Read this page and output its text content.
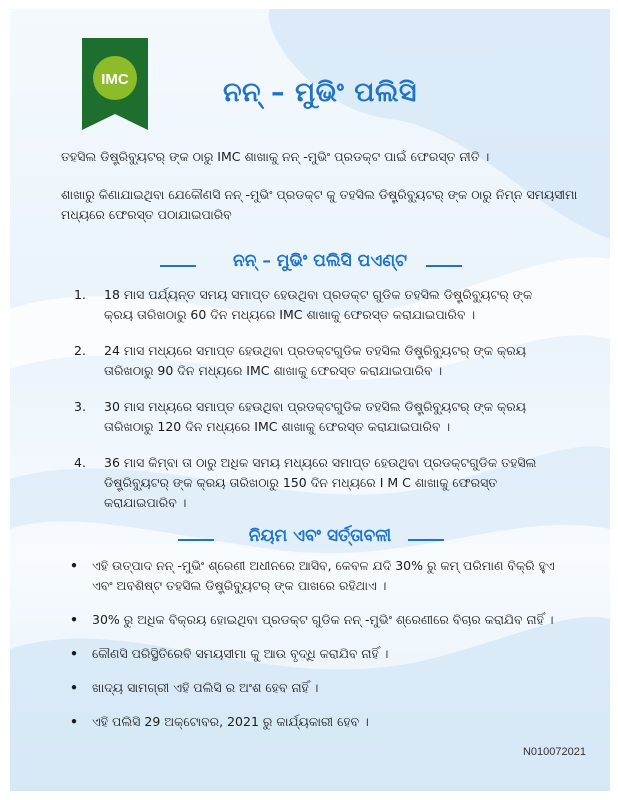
IMC	ନନ୍ – ମୁଭିଂ ପଲିସି
ତହସିଲ ଡିଷ୍ଟ୍ରିବ୍ୟୁଟର୍ ଙ୍କ ଠାରୁ IMC ଶାଖାକୁ ନନ୍ -ମୁଭିଂ ପ୍ରଡକ୍ଟ ପାଇଁ ଫେରସ୍ତ ନୀତି ।
ଶାଖାରୁ କିଣାଯାଇଥିବା ଯେକୌଣସି ନନ୍ -ମୁଭିଂ ପ୍ରଡକ୍ଟ କୁ ତହସିଲ ଡିଷ୍ଟ୍ରିବ୍ୟୁଟର୍ ଙ୍କ ଠାରୁ ନିମ୍ନ ସମୟସୀମା ମଧ୍ୟରେ ଫେରସ୍ତ ପଠାଯାଇପାରିବ
ନନ୍ – ମୁଭିଂ ପଲିସି ପଏଣ୍ଟ
1.	18 ମାସ ପର୍ଯ୍ୟନ୍ତ ସମୟ ସମାପ୍ତ ହେଉଥିବା ପ୍ରଡକ୍ଟ ଗୁଡିକ ତହସିଲ ଡିଷ୍ଟ୍ରିବ୍ୟୁଟର୍ ଙ୍କ କ୍ରୟ ତାରିଖଠାରୁ 60 ଦିନ ମଧ୍ୟରେ IMC ଶାଖାକୁ ଫେରସ୍ତ କରାଯାଇପାରିବ ।
2.	24 ମାସ ମଧ୍ୟରେ ସମାପ୍ତ ହେଉଥିବା ପ୍ରଡକ୍ଟଗୁଡିକ ତହସିଲ ଡିଷ୍ଟ୍ରିବ୍ୟୁଟର୍ ଙ୍କ କ୍ରୟ ତାରିଖଠାରୁ 90 ଦିନ ମଧ୍ୟରେ IMC ଶାଖାକୁ ଫେରସ୍ତ କରାଯାଇପାରିବ ।
3.	30 ମାସ ମଧ୍ୟରେ ସମାପ୍ତ ହେଉଥିବା ପ୍ରଡକ୍ଟଗୁଡିକ ତହସିଲ ଡିଷ୍ଟ୍ରିବ୍ୟୁଟର୍ ଙ୍କ କ୍ରୟ ତାରିଖଠାରୁ 120 ଦିନ ମଧ୍ୟରେ IMC ଶାଖାକୁ ଫେରସ୍ତ କରାଯାଇପାରିବ ।
4.	36 ମାସ କିମ୍ବା ତା ଠାରୁ ଅଧିକ ସମୟ ମଧ୍ୟରେ ସମାପ୍ତ ହେଉଥିବା ପ୍ରଡକ୍ଟଗୁଡିକ ତହସିଲ ଡିଷ୍ଟ୍ରିବ୍ୟୁଟର୍ ଙ୍କ କ୍ରୟ ତାରିଖଠାରୁ 150 ଦିନ ମଧ୍ୟରେ I M C ଶାଖାକୁ ଫେରସ୍ତ କରାଯାଇପାରିବ ।
ନିୟମ ଏବଂ ସର୍ତ୍ତାବଳୀ
•	ଏହି ଉତ୍ପାଦ ନନ୍ -ମୁଭିଂ ଶ୍ରେଣୀ ଅଧୀନରେ ଆସିବ, କେବଳ ଯଦି 30% ରୁ କମ୍ ପରିମାଣ ବିକ୍ରି ହୁଏ ଏବଂ ଅବଶିଷ୍ଟ ତହସିଲ ଡିଷ୍ଟ୍ରିବ୍ୟୁଟର୍ ଙ୍କ ପାଖରେ ରହିଥାଏ ।
•	30% ରୁ ଅଧିକ ବିକ୍ରୟ ହୋଇଥିବା ପ୍ରଡକ୍ଟ ଗୁଡିକ ନନ୍ -ମୁଭିଂ ଶ୍ରେଣୀରେ ବିଚାର କରାଯିବ ନାହିଁ ।
•	କୌଣସି ପରିସ୍ଥିତିରେବି ସମୟସୀମା କୁ ଆଉ ବୃଦ୍ଧି କରାଯିବ ନାହିଁ ।
•	ଖାଦ୍ୟ ସାମଗ୍ରୀ ଏହି ପଲିସି ର ଅଂଶ ହେବ ନାହିଁ ।
•	ଏହି ପଲିସି 29 ଅକ୍ଟୋବର, 2021 ରୁ କାର୍ଯ୍ୟକାରୀ ହେବ ।
N010072021
